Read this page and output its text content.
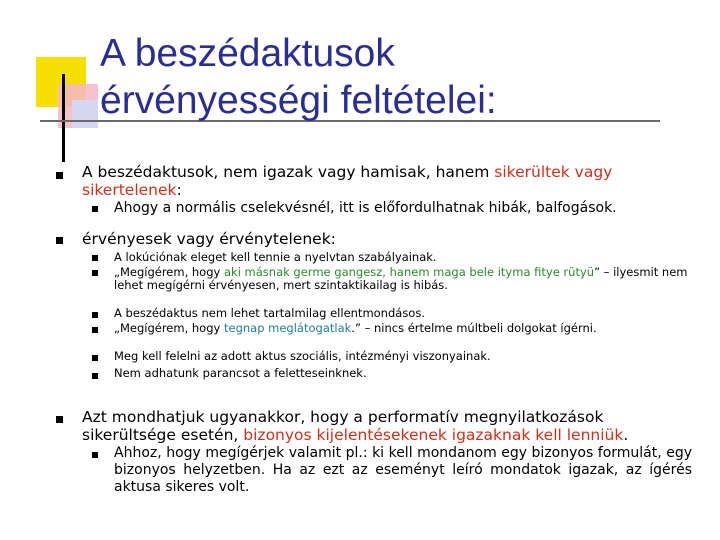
A beszédaktusok
érvényességi feltételei:
A beszédaktusok, nem igazak vagy hamisak, hanem sikerültek vagy sikertelenek:
Ahogy a normális cselekvésnél, itt is előfordulhatnak hibák, balfogások.
érvényesek vagy érvénytelenek:
A lokúciónak eleget kell tennie a nyelvtan szabályainak.
„Megígérem, hogy aki másnak germe gangesz, hanem maga bele ityma fitye rütyü” – ilyesmit nem lehet megígérni érvényesen, mert szintaktikailag is hibás.
A beszédaktus nem lehet tartalmilag ellentmondásos.
„Megígérem, hogy tegnap meglátogatlak.” – nincs értelme múltbeli dolgokat ígérni.
Meg kell felelni az adott aktus szociális, intézményi viszonyainak.
Nem adhatunk parancsot a feletteseinknek.
Azt mondhatjuk ugyanakkor, hogy a performatív megnyilatkozások sikerültsége esetén, bizonyos kijelentésekenek igazaknak kell lenniük.
Ahhoz, hogy megígérjek valamit pl.: ki kell mondanom egy bizonyos formulát, egy bizonyos helyzetben. Ha az ezt az eseményt leíró mondatok igazak, az ígérés aktusa sikeres volt.
